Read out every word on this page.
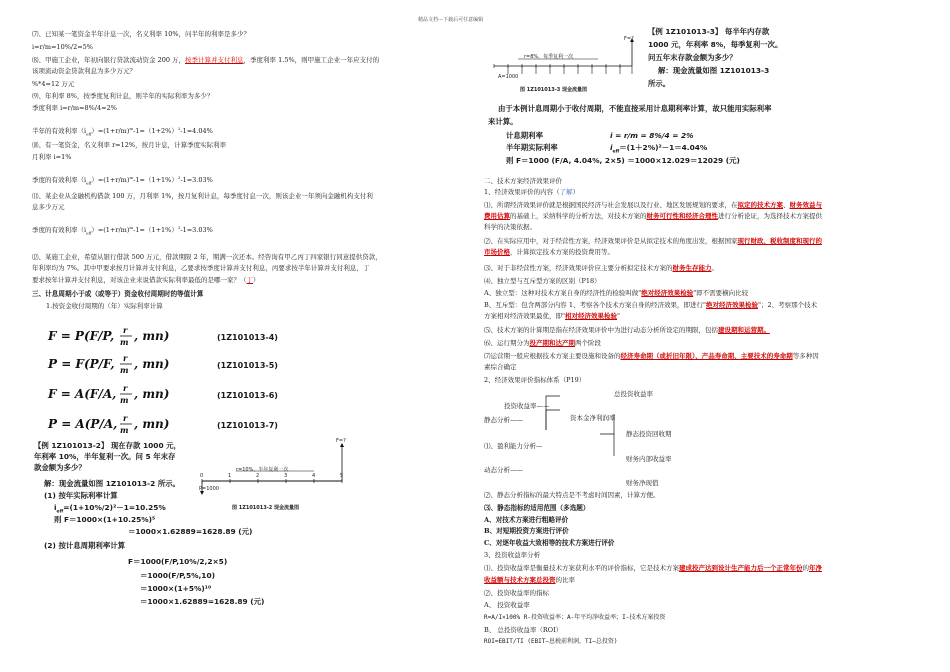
精品文档---下载后可任意编辑
⑺、已知某一笔资金半年计息一次，名义利率 10%，问半年的利率是多少？
i=r/m=10%/2=5%
⑻、甲施工企业，年初向银行贷款流动资金 200 万，按季计算并支付利息，季度利率 1.5%，则甲施工企业一年应支付的
该项流动资金贷款利息为多少万元？
%*4=12 万元
⑼、年利率 8%，按季度复利计息，则半年的实际利率为多少？
季度利率 i=r/m=8%/4=2%
半年的有效利率$(i_{eff})=(1+r/m)^m-1=(1+2\%)^2-1=4.04\%$
⑽、有一笔资金，名义利率 r=12%，按月计息，计算季度实际利率
月利率 i=1%
季度的有效利率$(i_{eff})=(1+r/m)^m-1=(1+1\%)^3-1=3.03\%$
⑾、某企业从金融机构借款 100 万，月利率 1%，按月复利计息，每季度付息一次，则该企业一年须向金融机构支付利
息多少万元
季度的有效利率$(i_{eff})=(1+r/m)^m-1=(1+1\%)^3-1=3.03\%$
⑿、某施工企业，希望从银行借款 500 万元，借款期限 2 年，期满一次还本。经咨询有甲乙丙丁四家银行同意提供贷款，
年利率均为 7%。其中甲要求按月计算并支付利息，乙要求按季度计算并支付利息，丙要求按半年计算并支付利息，丁
要求按年计算并支付利息，对该企业来说借款实际利率最低的是哪一家？（丁）
三、计息周期小于或（或等于）资金收付周期时的等值计算
1.按资金收付周期的（年）实际利率计算
F = P(F/P,
P = F(P/F,
F = A(F/A,
P = A(P/A,
r
m
r
m
r
m
r
m
, mn)
, mn)
, mn)
, mn)
(1Z101013-4)
(1Z101013-5)
(1Z101013-6)
(1Z101013-7)
【例 1Z101013-2】 现在存款 1000 元，
年利率 10%，半年复利一次。问 5 年末存
款金额为多少？
解：现金流量如图 1Z101013-2 所示。
(1) 按年实际利率计算
$i_{eff}=(1+10\%/2)^2-1=10.25\%$
则 F＝1000×(1+10.25%)⁵
＝1000×1.62889=1628.89 (元)
(2) 按计息周期利率计算
F＝1000(F/P,10%/2,2×5)
＝1000(F/P,5%,10)
＝1000×(1+5%)¹⁰
＝1000×1.62889=1628.89 (元)
0	1	2	3	4	5
r=10%，半年复利一次
P=1000
F=?
图 1Z101013-2 现金流量图
F=?
r=8%，每季复利一次
A=1000
图 1Z101013-3 现金流量图
【例 1Z101013-3】 每半年内存款
1000 元，年利率 8%，每季复利一次。
问五年末存款金额为多少？
解：现金流量如图 1Z101013-3
所示。
由于本例计息周期小于收付周期，不能直接采用计息期利率计算，故只能用实际利率
来计算。
计息期利率	i = r/m = 8%/4 = 2%
半年期实际利率	$i_{eff}=(1+2\%)^2-1=4.04\%$
则 F＝1000 (F/A, 4.04%, 2×5) ＝1000×12.029＝12029 (元)
二、技术方案经济效果评价
1、经济效果评价的内容（了解）
⑴、所谓经济效果评价就是根据国民经济与社会发展以及行业、地区发展规划的要求，在拟定的技术方案、财务效益与
费用估算的基础上，采纳科学的分析方法，对技术方案的财务可行性和经济合理性进行分析论证，为选择技术方案提供
科学的决策依据。
⑵、在实际应用中，对于经营性方案，经济效果评价是从拟定技术的角度出发，根据国家现行财政、税收制度和现行的
市场价格，计算拟定技术方案的投资费用等。
⑶、对于非经营性方案，经济效果评价应主要分析拟定技术方案的财务生存能力。
⑷、独立型与互斥型方案的区别（P18）
A、独立型：这种对技术方案自身的经济性的检验叫做"绝对经济效果检验"即不需要横向比较
B、互斥型：包含两部分内容 1、考察各个技术方案自身的经济效果，即进行"绝对经济效果检验"；2、考察那个技术
方案相对经济效果最优，即"相对经济效果检验"
⑸、技术方案的计算期是指在经济效果评价中为进行动态分析所设定的期限，包括建设期和运营期。
⑹、运行期分为投产期和达产期两个阶段
⑺运营期一般应根据技术方案主要设施和设备的经济寿命期（或折旧年限）、产品寿命期、主要技术的寿命期等多种因
素综合确定
2、经济效果评价指标体系（P19）
总投资收益率
投资收益率——
静态分析——	资本金净利润率
静态投资回收期
⑴、盈利能力分析—
财务内部收益率
动态分析——
财务净现值
⑵、静态分析指标的最大特点是不考虑时间因素，计算方便。
⑶、静态指标的适用范围（多选题）
A、对技术方案进行粗略评价
B、对短期投资方案进行评价
C、对逐年收益大致相等的技术方案进行评价
3、投资收益率分析
⑴、投资收益率是衡量技术方案获利水平的评价指标，它是技术方案建成投产达到设计生产能力后一个正常年份的年净
收益额与技术方案总投资的比率
⑵、投资收益率的指标
A、 投资收益率
R=A/I×100% R-投资收益率；A-年平均净收益率；I-技术方案投资
B、 总投资收益率（ROI）
ROI=EBIT/TI (EBIT—息税前利润，TI—总投资)
